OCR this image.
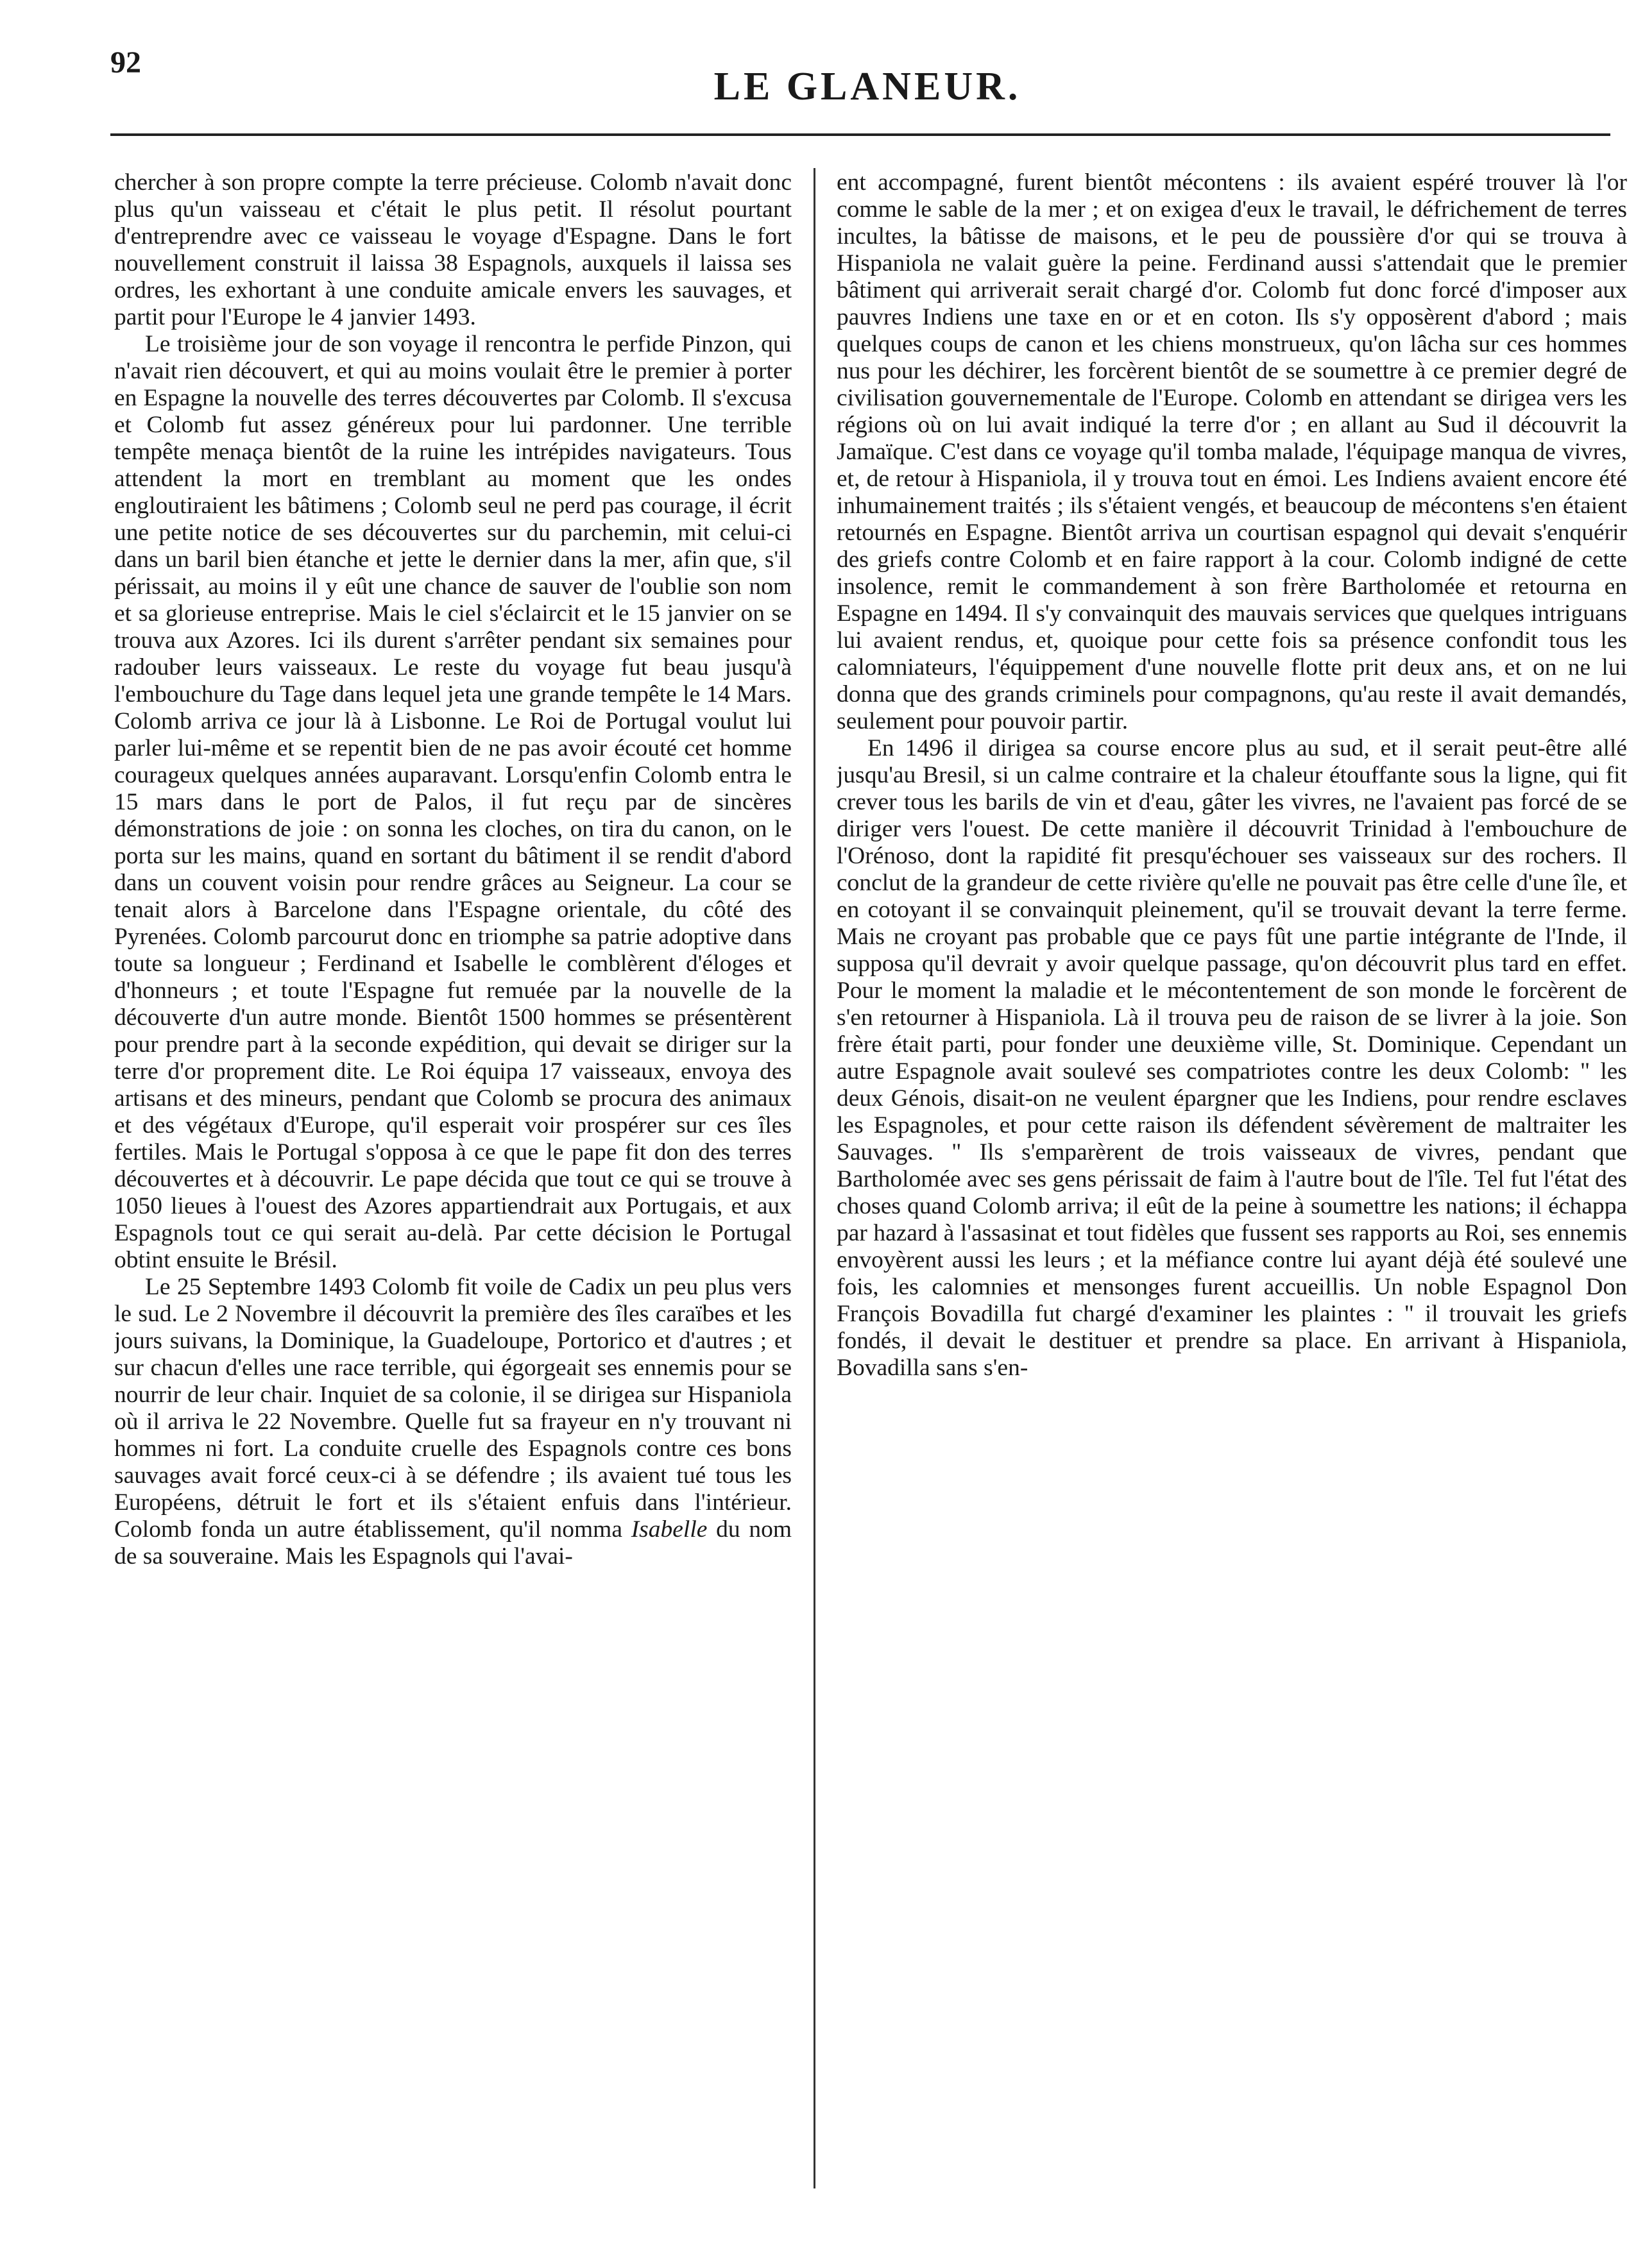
92
LE GLANEUR.

chercher à son propre compte la terre précieuse. Colomb n'avait donc plus qu'un vaisseau et c'était le plus petit. Il résolut pourtant d'entreprendre avec ce vaisseau le voyage d'Espagne. Dans le fort nouvellement construit il laissa 38 Espagnols, auxquels il laissa ses ordres, les exhortant à une conduite amicale envers les sauvages, et partit pour l'Europe le 4 janvier 1493.

Le troisième jour de son voyage il rencontra le perfide Pinzon, qui n'avait rien découvert, et qui au moins voulait être le premier à porter en Espagne la nouvelle des terres découvertes par Colomb. Il s'excusa et Colomb fut assez généreux pour lui pardonner. Une terrible tempête menaça bientôt de la ruine les intrépides navigateurs. Tous attendent la mort en tremblant au moment que les ondes engloutiraient les bâtimens ; Colomb seul ne perd pas courage, il écrit une petite notice de ses découvertes sur du parchemin, mit celui-ci dans un baril bien étanche et jette le dernier dans la mer, afin que, s'il périssait, au moins il y eût une chance de sauver de l'oublie son nom et sa glorieuse entreprise. Mais le ciel s'éclaircit et le 15 janvier on se trouva aux Azores. Ici ils durent s'arrêter pendant six semaines pour radouber leurs vaisseaux. Le reste du voyage fut beau jusqu'à l'embouchure du Tage dans lequel jeta une grande tempête le 14 Mars. Colomb arriva ce jour là à Lisbonne. Le Roi de Portugal voulut lui parler lui-même et se repentit bien de ne pas avoir écouté cet homme courageux quelques années auparavant. Lorsqu'enfin Colomb entra le 15 mars dans le port de Palos, il fut reçu par de sincères démonstrations de joie : on sonna les cloches, on tira du canon, on le porta sur les mains, quand en sortant du bâtiment il se rendit d'abord dans un couvent voisin pour rendre grâces au Seigneur. La cour se tenait alors à Barcelone dans l'Espagne orientale, du côté des Pyrenées. Colomb parcourut donc en triomphe sa patrie adoptive dans toute sa longueur ; Ferdinand et Isabelle le comblèrent d'éloges et d'honneurs ; et toute l'Espagne fut remuée par la nouvelle de la découverte d'un autre monde. Bientôt 1500 hommes se présentèrent pour prendre part à la seconde expédition, qui devait se diriger sur la terre d'or proprement dite. Le Roi équipa 17 vaisseaux, envoya des artisans et des mineurs, pendant que Colomb se procura des animaux et des végétaux d'Europe, qu'il esperait voir prospérer sur ces îles fertiles. Mais le Portugal s'opposa à ce que le pape fit don des terres découvertes et à découvrir. Le pape décida que tout ce qui se trouve à 1050 lieues à l'ouest des Azores appartiendrait aux Portugais, et aux Espagnols tout ce qui serait au-delà. Par cette décision le Portugal obtint ensuite le Brésil.

Le 25 Septembre 1493 Colomb fit voile de Cadix un peu plus vers le sud. Le 2 Novembre il découvrit la première des îles caraïbes et les jours suivans, la Dominique, la Guadeloupe, Portorico et d'autres ; et sur chacun d'elles une race terrible, qui égorgeait ses ennemis pour se nourrir de leur chair. Inquiet de sa colonie, il se dirigea sur Hispaniola où il arriva le 22 Novembre. Quelle fut sa frayeur en n'y trouvant ni hommes ni fort. La conduite cruelle des Espagnols contre ces bons sauvages avait forcé ceux-ci à se défendre ; ils avaient tué tous les Européens, détruit le fort et ils s'étaient enfuis dans l'intérieur. Colomb fonda un autre établissement, qu'il nomma Isabelle du nom de sa souveraine. Mais les Espagnols qui l'avai-

ent accompagné, furent bientôt mécontens : ils avaient espéré trouver là l'or comme le sable de la mer ; et on exigea d'eux le travail, le défrichement de terres incultes, la bâtisse de maisons, et le peu de poussière d'or qui se trouva à Hispaniola ne valait guère la peine. Ferdinand aussi s'attendait que le premier bâtiment qui arriverait serait chargé d'or. Colomb fut donc forcé d'imposer aux pauvres Indiens une taxe en or et en coton. Ils s'y opposèrent d'abord ; mais quelques coups de canon et les chiens monstrueux, qu'on lâcha sur ces hommes nus pour les déchirer, les forcèrent bientôt de se soumettre à ce premier degré de civilisation gouvernementale de l'Europe. Colomb en attendant se dirigea vers les régions où on lui avait indiqué la terre d'or ; en allant au Sud il découvrit la Jamaïque. C'est dans ce voyage qu'il tomba malade, l'équipage manqua de vivres, et, de retour à Hispaniola, il y trouva tout en émoi. Les Indiens avaient encore été inhumainement traités ; ils s'étaient vengés, et beaucoup de mécontens s'en étaient retournés en Espagne. Bientôt arriva un courtisan espagnol qui devait s'enquérir des griefs contre Colomb et en faire rapport à la cour. Colomb indigné de cette insolence, remit le commandement à son frère Bartholomée et retourna en Espagne en 1494. Il s'y convainquit des mauvais services que quelques intriguans lui avaient rendus, et, quoique pour cette fois sa présence confondit tous les calomniateurs, l'équippement d'une nouvelle flotte prit deux ans, et on ne lui donna que des grands criminels pour compagnons, qu'au reste il avait demandés, seulement pour pouvoir partir.

En 1496 il dirigea sa course encore plus au sud, et il serait peut-être allé jusqu'au Bresil, si un calme contraire et la chaleur étouffante sous la ligne, qui fit crever tous les barils de vin et d'eau, gâter les vivres, ne l'avaient pas forcé de se diriger vers l'ouest. De cette manière il découvrit Trinidad à l'embouchure de l'Orénoso, dont la rapidité fit presqu'échouer ses vaisseaux sur des rochers. Il conclut de la grandeur de cette rivière qu'elle ne pouvait pas être celle d'une île, et en cotoyant il se convainquit pleinement, qu'il se trouvait devant la terre ferme. Mais ne croyant pas probable que ce pays fût une partie intégrante de l'Inde, il supposa qu'il devrait y avoir quelque passage, qu'on découvrit plus tard en effet. Pour le moment la maladie et le mécontentement de son monde le forcèrent de s'en retourner à Hispaniola. Là il trouva peu de raison de se livrer à la joie. Son frère était parti, pour fonder une deuxième ville, St. Dominique. Cependant un autre Espagnole avait soulevé ses compatriotes contre les deux Colomb: " les deux Génois, disait-on ne veulent épargner que les Indiens, pour rendre esclaves les Espagnoles, et pour cette raison ils défendent sévèrement de maltraiter les Sauvages. " Ils s'emparèrent de trois vaisseaux de vivres, pendant que Bartholomée avec ses gens périssait de faim à l'autre bout de l'île. Tel fut l'état des choses quand Colomb arriva; il eût de la peine à soumettre les nations; il échappa par hazard à l'assasinat et tout fidèles que fussent ses rapports au Roi, ses ennemis envoyèrent aussi les leurs ; et la méfiance contre lui ayant déjà été soulevé une fois, les calomnies et mensonges furent accueillis. Un noble Espagnol Don François Bovadilla fut chargé d'examiner les plaintes : " il trouvait les griefs fondés, il devait le destituer et prendre sa place. En arrivant à Hispaniola, Bovadilla sans s'en-
